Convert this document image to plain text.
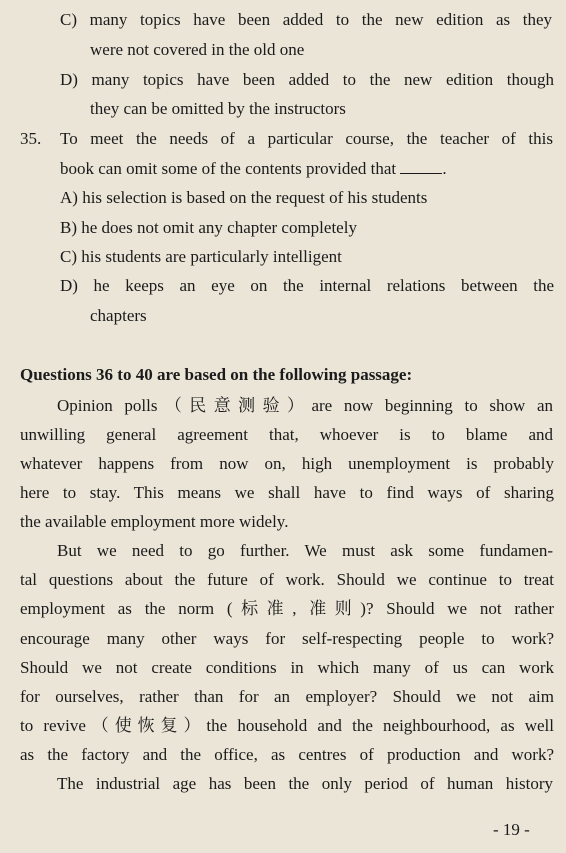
C) many topics have been added to the new edition as they
were not covered in the old one
D) many topics have been added to the new edition though
they can be omitted by the instructors
35. To meet the needs of a particular course, the teacher of this
book can omit some of the contents provided that	.
A) his selection is based on the request of his students
B) he does not omit any chapter completely
C) his students are particularly intelligent
D) he keeps an eye on the internal relations between the
chapters
Questions 36 to 40 are based on the following passage:
Opinion polls（民意测验）are now beginning to show an
unwilling general agreement that, whoever is to blame and
whatever happens from now on, high unemployment is probably
here to stay. This means we shall have to find ways of sharing
the available employment more widely.
But we need to go further. We must ask some fundamen-
tal questions about the future of work. Should we continue to treat
employment as the norm (标准, 准则)? Should we not rather
encourage many other ways for self-respecting people to work?
Should we not create conditions in which many of us can work
for ourselves, rather than for an employer? Should we not aim
to revive（使恢复）the household and the neighbourhood, as well
as the factory and the office, as centres of production and work?
The industrial age has been the only period of human history
- 19 -
